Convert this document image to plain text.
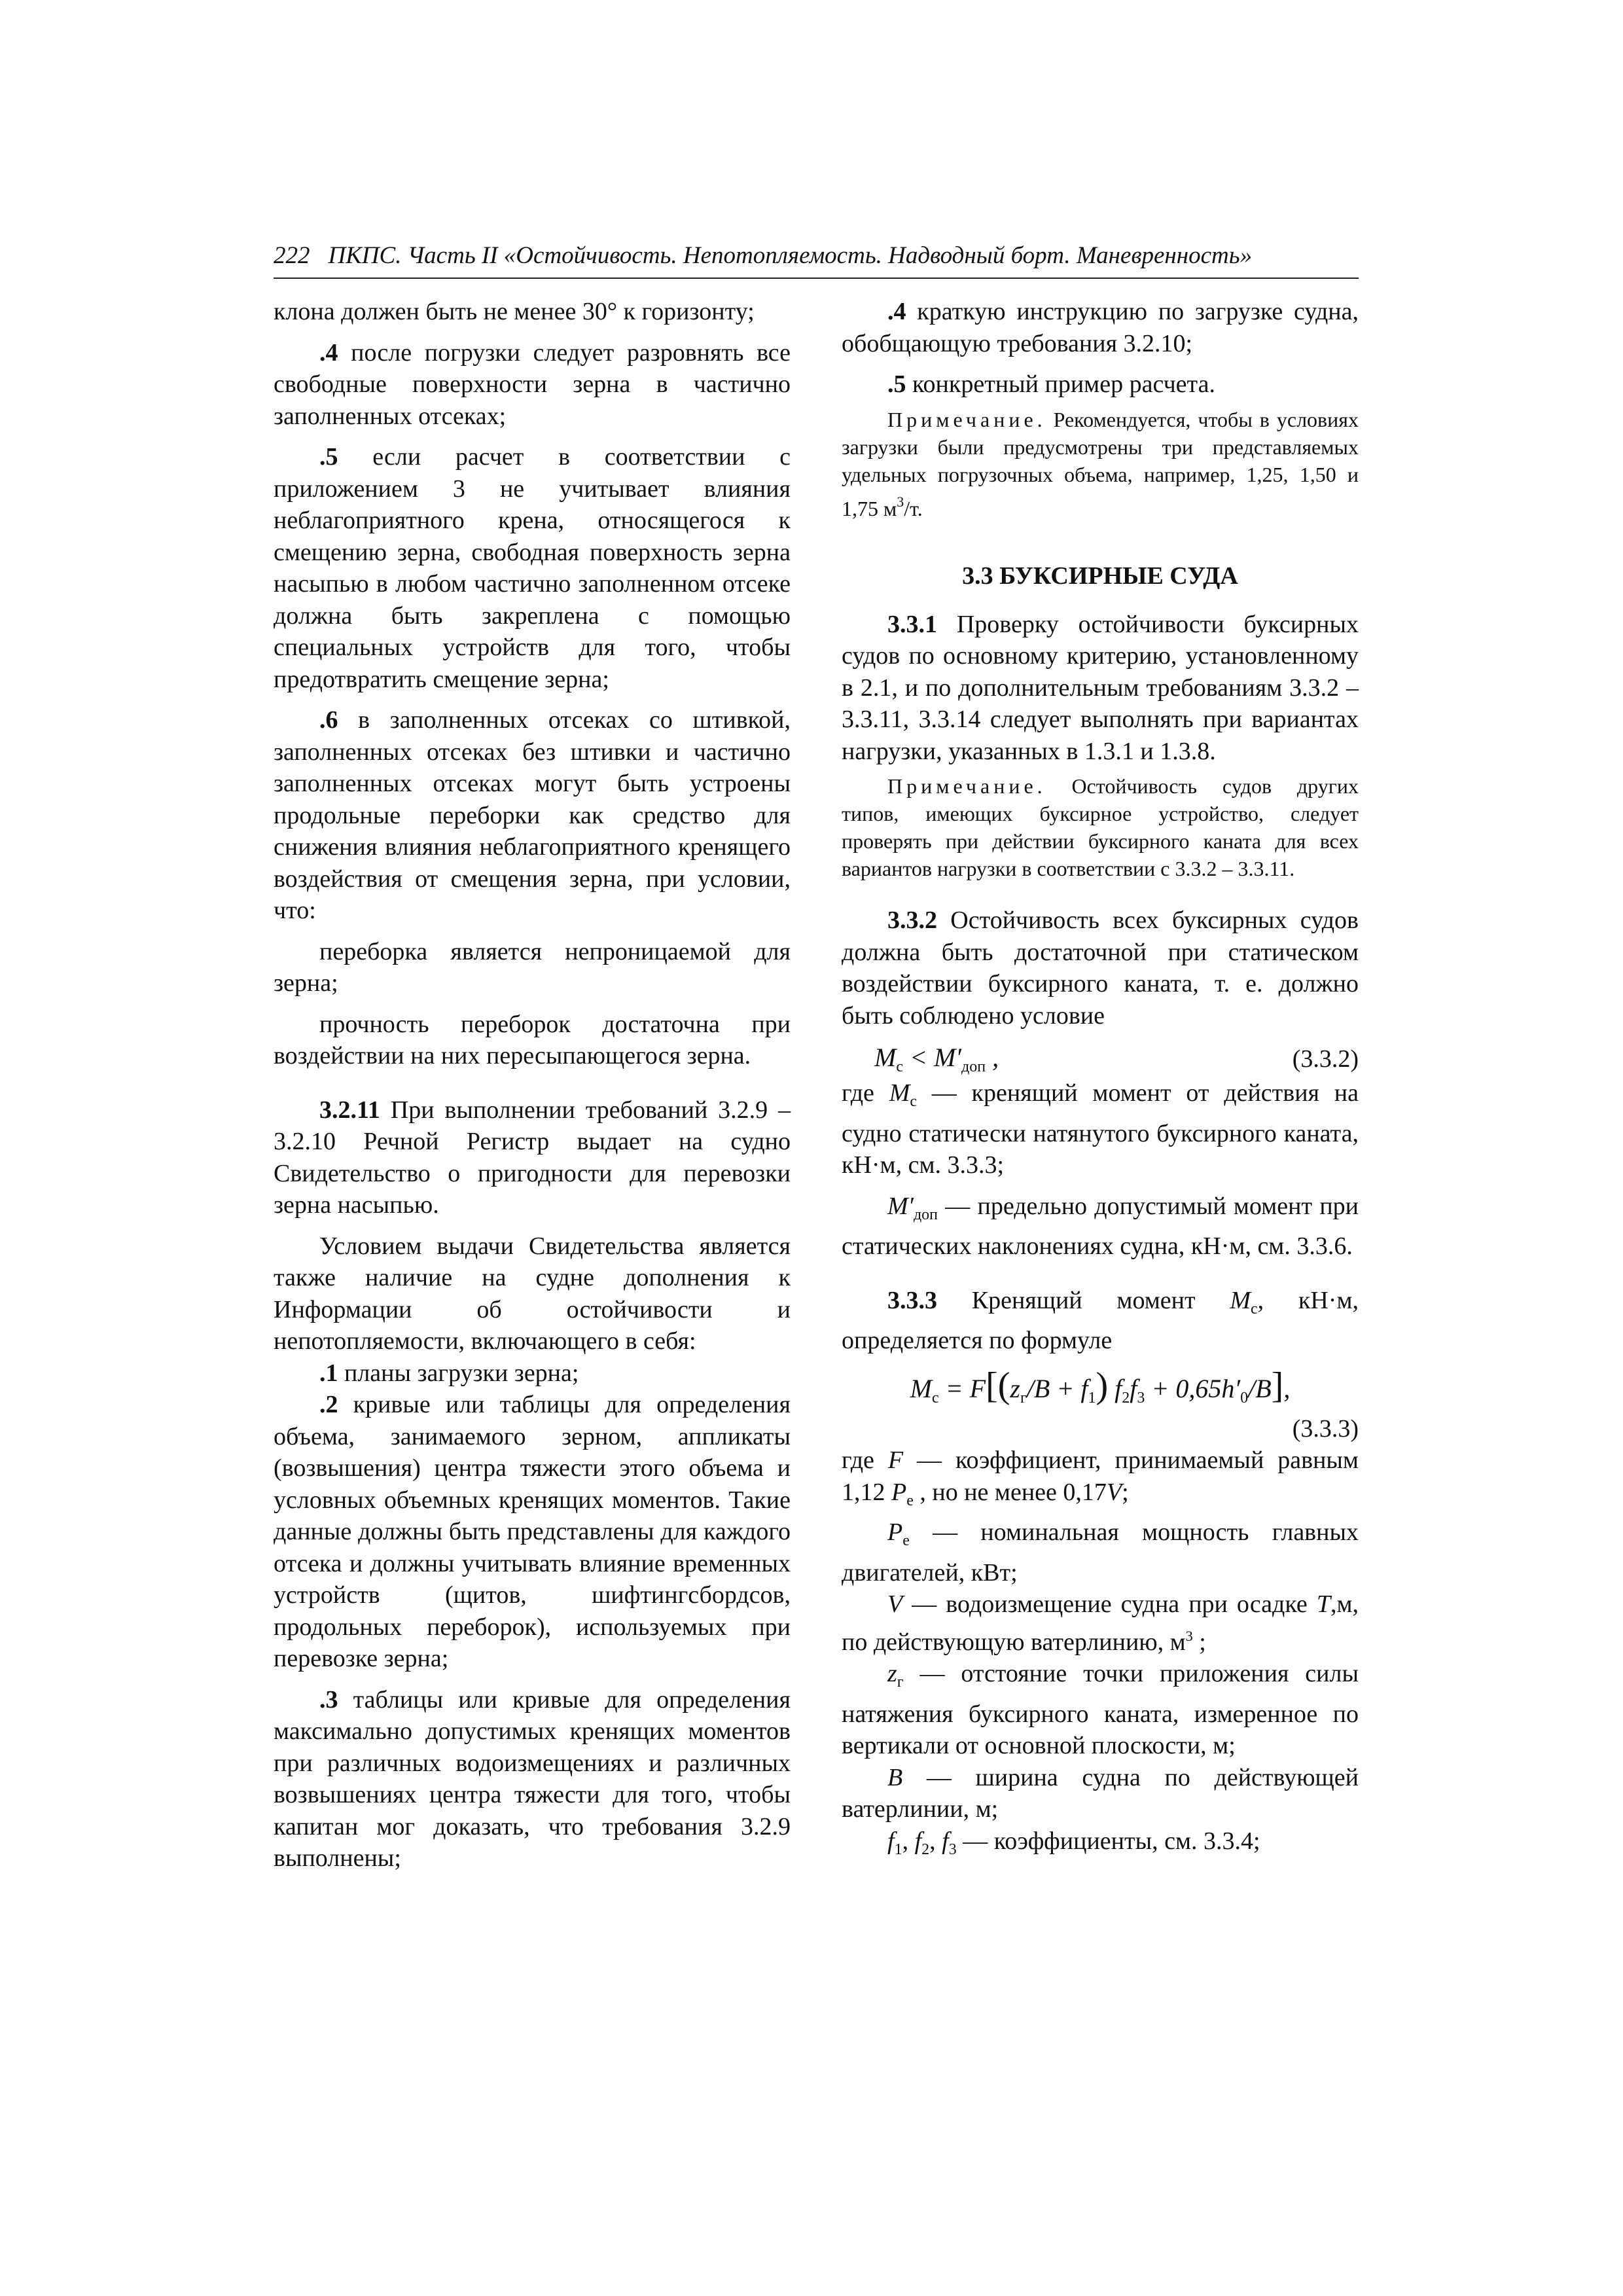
222 ПКПС. Часть II «Остойчивость. Непотопляемость. Надводный борт. Маневренность»

клона должен быть не менее 30° к горизонту;

.4 после погрузки следует разровнять все свободные поверхности зерна в частично заполненных отсеках;

.5 если расчет в соответствии с приложением 3 не учитывает влияния неблагоприятного крена, относящегося к смещению зерна, свободная поверхность зерна насыпью в любом частично заполненном отсеке должна быть закреплена с помощью специальных устройств для того, чтобы предотвратить смещение зерна;

.6 в заполненных отсеках со штивкой, заполненных отсеках без штивки и частично заполненных отсеках могут быть устроены продольные переборки как средство для снижения влияния неблагоприятного кренящего воздействия от смещения зерна, при условии, что:

переборка является непроницаемой для зерна;

прочность переборок достаточна при воздействии на них пересыпающегося зерна.

3.2.11 При выполнении требований 3.2.9 – 3.2.10 Речной Регистр выдает на судно Свидетельство о пригодности для перевозки зерна насыпью.

Условием выдачи Свидетельства является также наличие на судне дополнения к Информации об остойчивости и непотопляемости, включающего в себя:

.1 планы загрузки зерна;

.2 кривые или таблицы для определения объема, занимаемого зерном, аппликаты (возвышения) центра тяжести этого объема и условных объемных кренящих моментов. Такие данные должны быть представлены для каждого отсека и должны учитывать влияние временных устройств (щитов, шифтингсбордсов, продольных переборок), используемых при перевозке зерна;

.3 таблицы или кривые для определения максимально допустимых кренящих моментов при различных водоизмещениях и различных возвышениях центра тяжести для того, чтобы капитан мог доказать, что требования 3.2.9 выполнены;

.4 краткую инструкцию по загрузке судна, обобщающую требования 3.2.10;

.5 конкретный пример расчета.

Примечание. Рекомендуется, чтобы в условиях загрузки были предусмотрены три представляемых удельных погрузочных объема, например, 1,25, 1,50 и 1,75 $м^3/т$.

3.3 БУКСИРНЫЕ СУДА

3.3.1 Проверку остойчивости буксирных судов по основному критерию, установленному в 2.1, и по дополнительным требованиям 3.3.2 – 3.3.11, 3.3.14 следует выполнять при вариантах нагрузки, указанных в 1.3.1 и 1.3.8.

Примечание. Остойчивость судов других типов, имеющих буксирное устройство, следует проверять при действии буксирного каната для всех вариантов нагрузки в соответствии с 3.3.2 – 3.3.11.

3.3.2 Остойчивость всех буксирных судов должна быть достаточной при статическом воздействии буксирного каната, т. е. должно быть соблюдено условие

$M_с < M'_{доп}$ ,	(3.3.2)

где $M_с$ — кренящий момент от действия на судно статически натянутого буксирного каната, кН·м, см. 3.3.3;

$M'_{доп}$ — предельно допустимый момент при статических наклонениях судна, кН·м, см. 3.3.6.

3.3.3 Кренящий момент $M_с$, кН·м, определяется по формуле

$M_с = F[(z_г/B + f_1) f_2f_3 + 0,65h'_0/B]$,

(3.3.3)

где F — коэффициент, принимаемый равным 1,12 $P_е$ , но не менее 0,17V;

$P_е$ — номинальная мощность главных двигателей, кВт;

V — водоизмещение судна при осадке T,м, по действующую ватерлинию, $м^3$ ;

$z_г$ — отстояние точки приложения силы натяжения буксирного каната, измеренное по вертикали от основной плоскости, м;

B — ширина судна по действующей ватерлинии, м;

$f_1$, $f_2$, $f_3$ — коэффициенты, см. 3.3.4;
